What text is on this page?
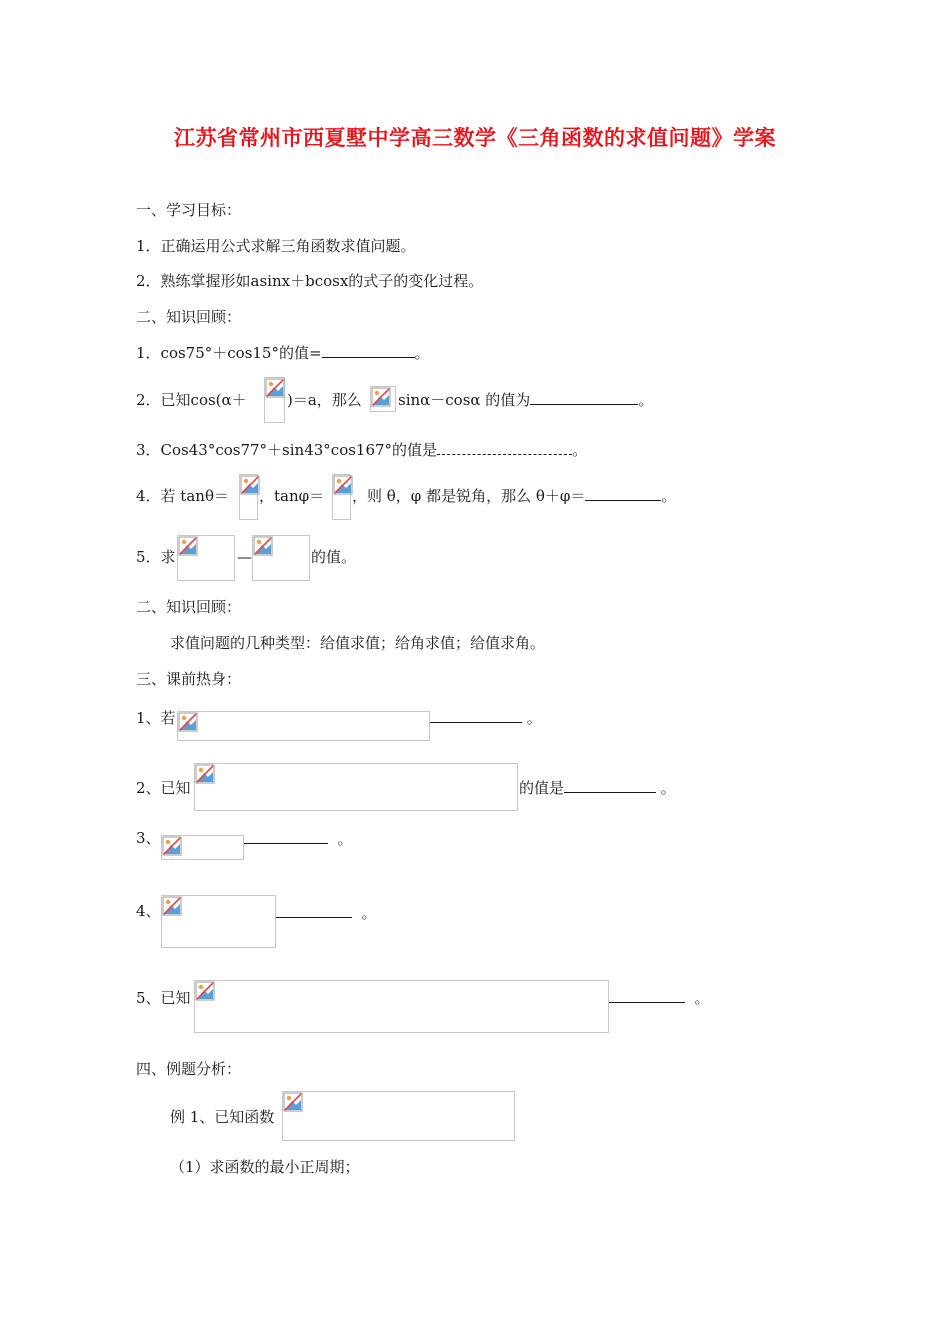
江苏省常州市西夏墅中学高三数学《三角函数的求值问题》学案
一、学习目标：
1．正确运用公式求解三角函数求值问题。
2．熟练掌握形如asinx＋bcosx的式子的变化过程。
二、知识回顾：
1．cos75°＋cos15°的值=	。
2．已知cos(α＋	)＝a，那么 sinα－cosα 的值为	。
3．Cos43°cos77°＋sin43°cos167°的值是	。
4．若 tanθ＝ ，tanφ＝ ，则 θ，φ 都是锐角，那么 θ＋φ＝	。
5．求	—	的值。
二、知识回顾：
求值问题的几种类型：给值求值；给角求值；给值求角。
三、课前热身：
1、若	。
2、已知	的值是	。
3、	。
4、	。
5、已知	。
四、例题分析：
例 1、已知函数
（1）求函数的最小正周期；
